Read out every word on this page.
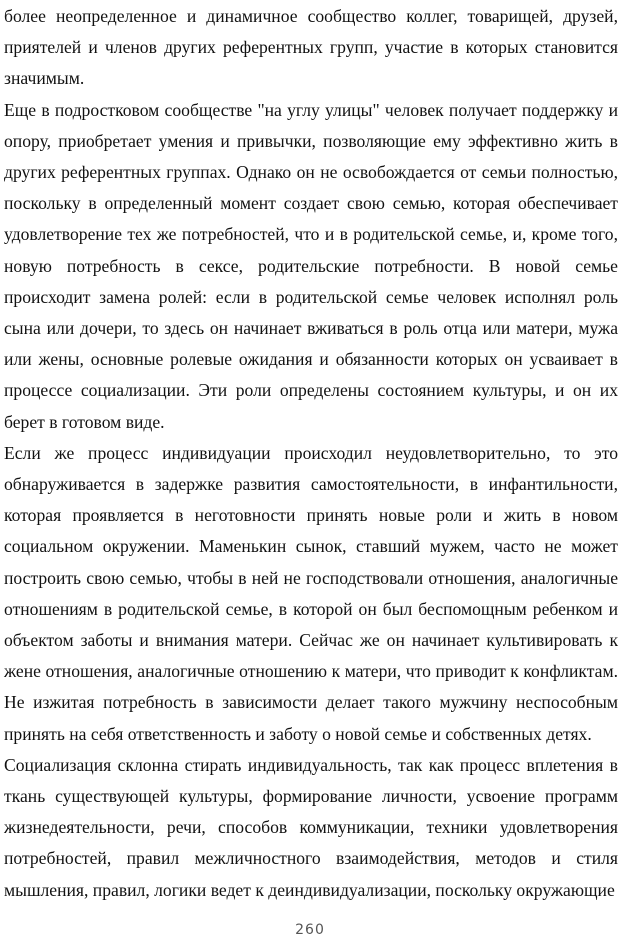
более неопределенное и динамичное сообщество коллег, товарищей, друзей, приятелей и членов других референтных групп, участие в которых становится значимым.

Еще в подростковом сообществе "на углу улицы" человек получает поддержку и опору, приобретает умения и привычки, позволяющие ему эффективно жить в других референтных группах. Однако он не освобождается от семьи полностью, поскольку в определенный момент создает свою семью, которая обеспечивает удовлетворение тех же потребностей, что и в родительской семье, и, кроме того, новую потребность в сексе, родительские потребности. В новой семье происходит замена ролей: если в родительской семье человек исполнял роль сына или дочери, то здесь он начинает вживаться в роль отца или матери, мужа или жены, основные ролевые ожидания и обязанности которых он усваивает в процессе социализации. Эти роли определены состоянием культуры, и он их берет в готовом виде.

Если же процесс индивидуации происходил неудовлетворительно, то это обнаруживается в задержке развития самостоятельности, в инфантильности, которая проявляется в неготовности принять новые роли и жить в новом социальном окружении. Маменькин сынок, ставший мужем, часто не может построить свою семью, чтобы в ней не господствовали отношения, аналогичные отношениям в родительской семье, в которой он был беспомощным ребенком и объектом заботы и внимания матери. Сейчас же он начинает культивировать к жене отношения, аналогичные отношению к матери, что приводит к конфликтам. Не изжитая потребность в зависимости делает такого мужчину неспособным принять на себя ответственность и заботу о новой семье и собственных детях.

Социализация склонна стирать индивидуальность, так как процесс вплетения в ткань существующей культуры, формирование личности, усвоение программ жизнедеятельности, речи, способов коммуникации, техники удовлетворения потребностей, правил межличностного взаимодействия, методов и стиля мышления, правил, логики ведет к деиндивидуализации, поскольку окружающие

260
